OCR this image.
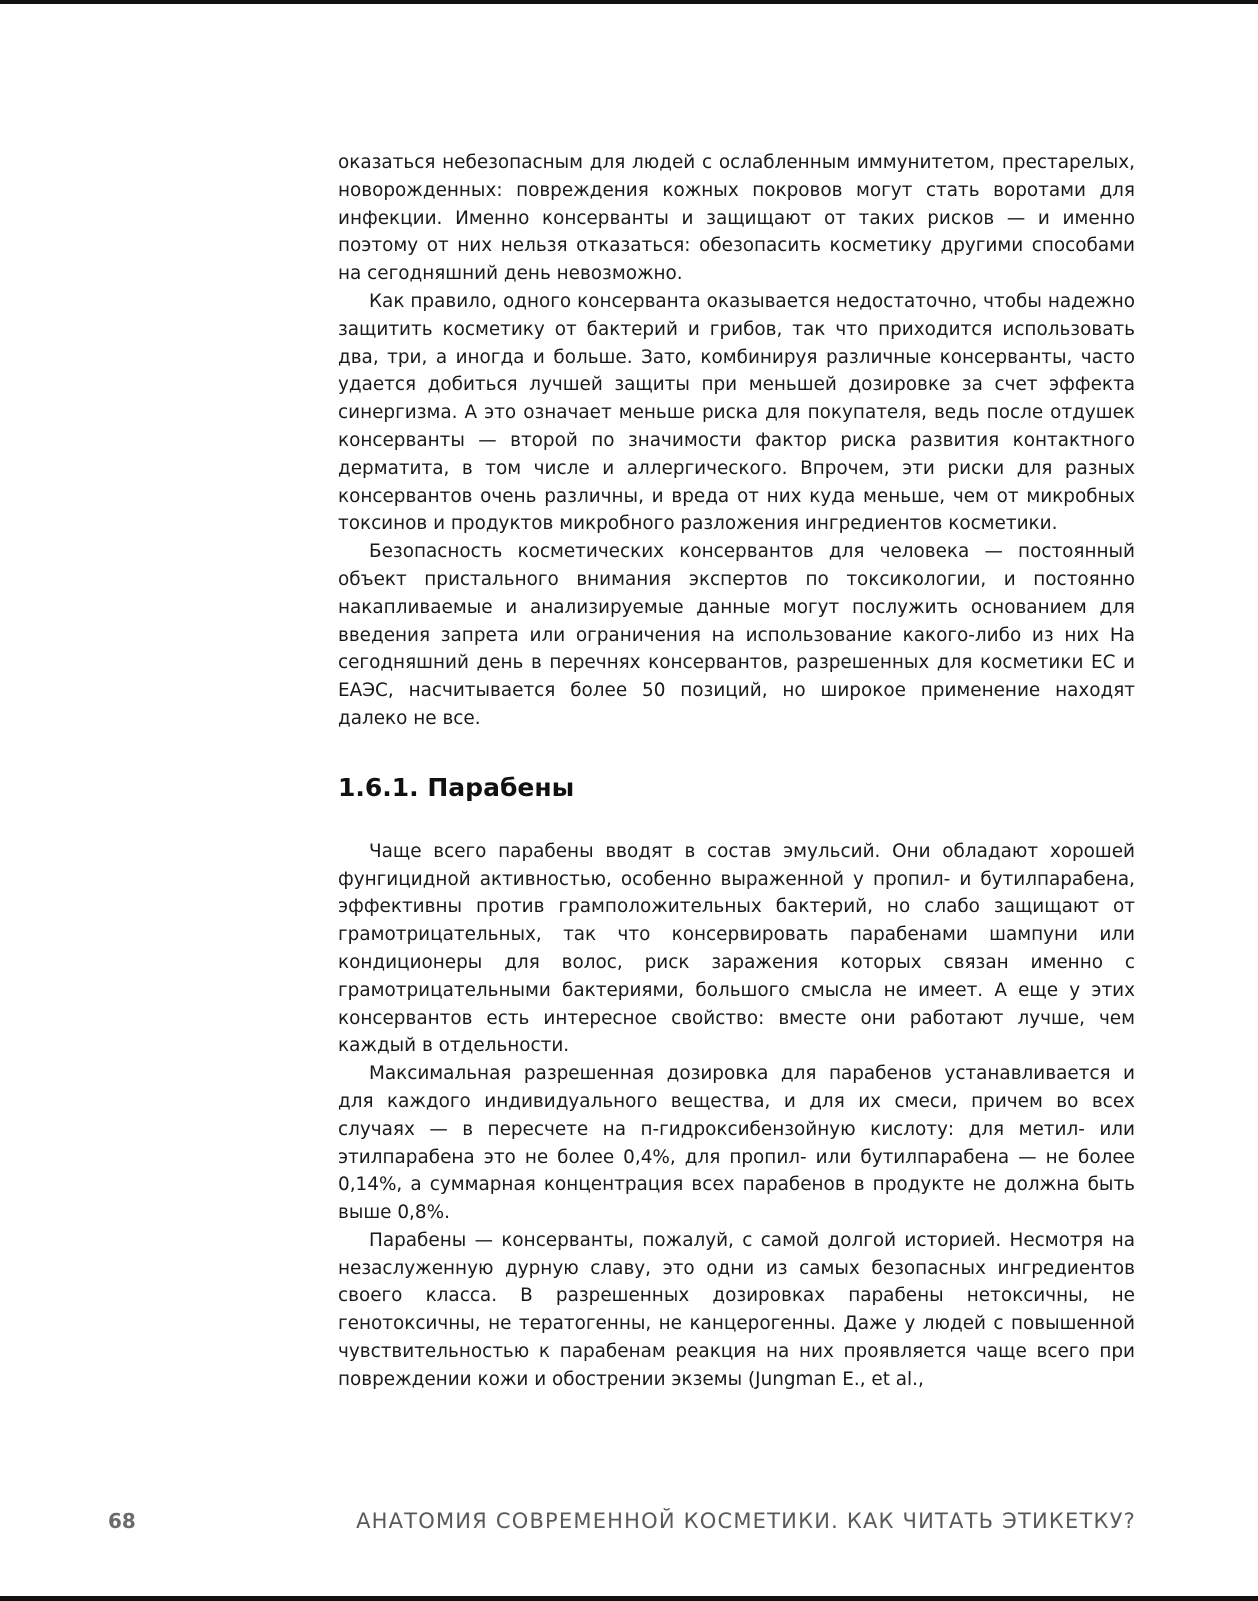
оказаться небезопасным для людей с ослабленным иммунитетом, престарелых, новорожденных: повреждения кожных покровов могут стать воротами для инфекции. Именно консерванты и защищают от таких рисков — и именно поэтому от них нельзя отказаться: обезопасить косметику другими способами на сегодняшний день невозможно.

Как правило, одного консерванта оказывается недостаточно, чтобы надежно защитить косметику от бактерий и грибов, так что приходится использовать два, три, а иногда и больше. Зато, комбинируя различные консерванты, часто удается добиться лучшей защиты при меньшей дозировке за счет эффекта синергизма. А это означает меньше риска для покупателя, ведь после отдушек консерванты — второй по значимости фактор риска развития контактного дерматита, в том числе и аллергического. Впрочем, эти риски для разных консервантов очень различны, и вреда от них куда меньше, чем от микробных токсинов и продуктов микробного разложения ингредиентов косметики.

Безопасность косметических консервантов для человека — постоянный объект пристального внимания экспертов по токсикологии, и постоянно накапливаемые и анализируемые данные могут послужить основанием для введения запрета или ограничения на использование какого-либо из них На сегодняшний день в перечнях консервантов, разрешенных для косметики ЕС и ЕАЭС, насчитывается более 50 позиций, но широкое применение находят далеко не все.

1.6.1. Парабены

Чаще всего парабены вводят в состав эмульсий. Они обладают хорошей фунгицидной активностью, особенно выраженной у пропил- и бутилпарабена, эффективны против грамположительных бактерий, но слабо защищают от грамотрицательных, так что консервировать парабенами шампуни или кондиционеры для волос, риск заражения которых связан именно с грамотрицательными бактериями, большого смысла не имеет. А еще у этих консервантов есть интересное свойство: вместе они работают лучше, чем каждый в отдельности.

Максимальная разрешенная дозировка для парабенов устанавливается и для каждого индивидуального вещества, и для их смеси, причем во всех случаях — в пересчете на п-гидроксибензойную кислоту: для метил- или этилпарабена это не более 0,4%, для пропил- или бутилпарабена — не более 0,14%, а суммарная концентрация всех парабенов в продукте не должна быть выше 0,8%.

Парабены — консерванты, пожалуй, с самой долгой историей. Несмотря на незаслуженную дурную славу, это одни из самых безопасных ингредиентов своего класса. В разрешенных дозировках парабены нетоксичны, не генотоксичны, не тератогенны, не канцерогенны. Даже у людей с повышенной чувствительностью к парабенам реакция на них проявляется чаще всего при повреждении кожи и обострении экземы (Jungman E., et al.,

68	АНАТОМИЯ СОВРЕМЕННОЙ КОСМЕТИКИ. КАК ЧИТАТЬ ЭТИКЕТКУ?
